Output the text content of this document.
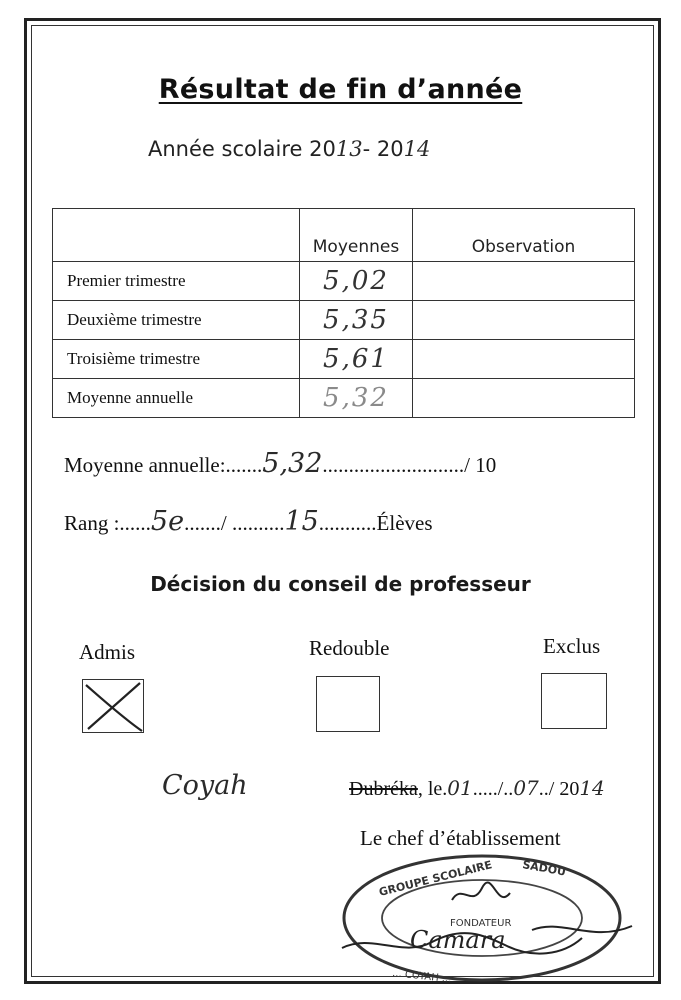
Résultat de fin d’année
Année scolaire 2013- 2014
	Moyennes	Observation
Premier trimestre	5,02	
Deuxième trimestre	5,35	
Troisième trimestre	5,61	
Moyenne annuelle	5,32	
Moyenne annuelle:.......5,32.........................../ 10
Rang :......5e......./ ..........15...........Élèves
Décision du conseil de professeur
Admis	Redouble	Exclus
Coyah	Dubréka, le.01...../..07../ 2014
Le chef d’établissement
GROUPE SCOLAIRE	SADOU
FONDATEUR
... COYAH ...
Camara
